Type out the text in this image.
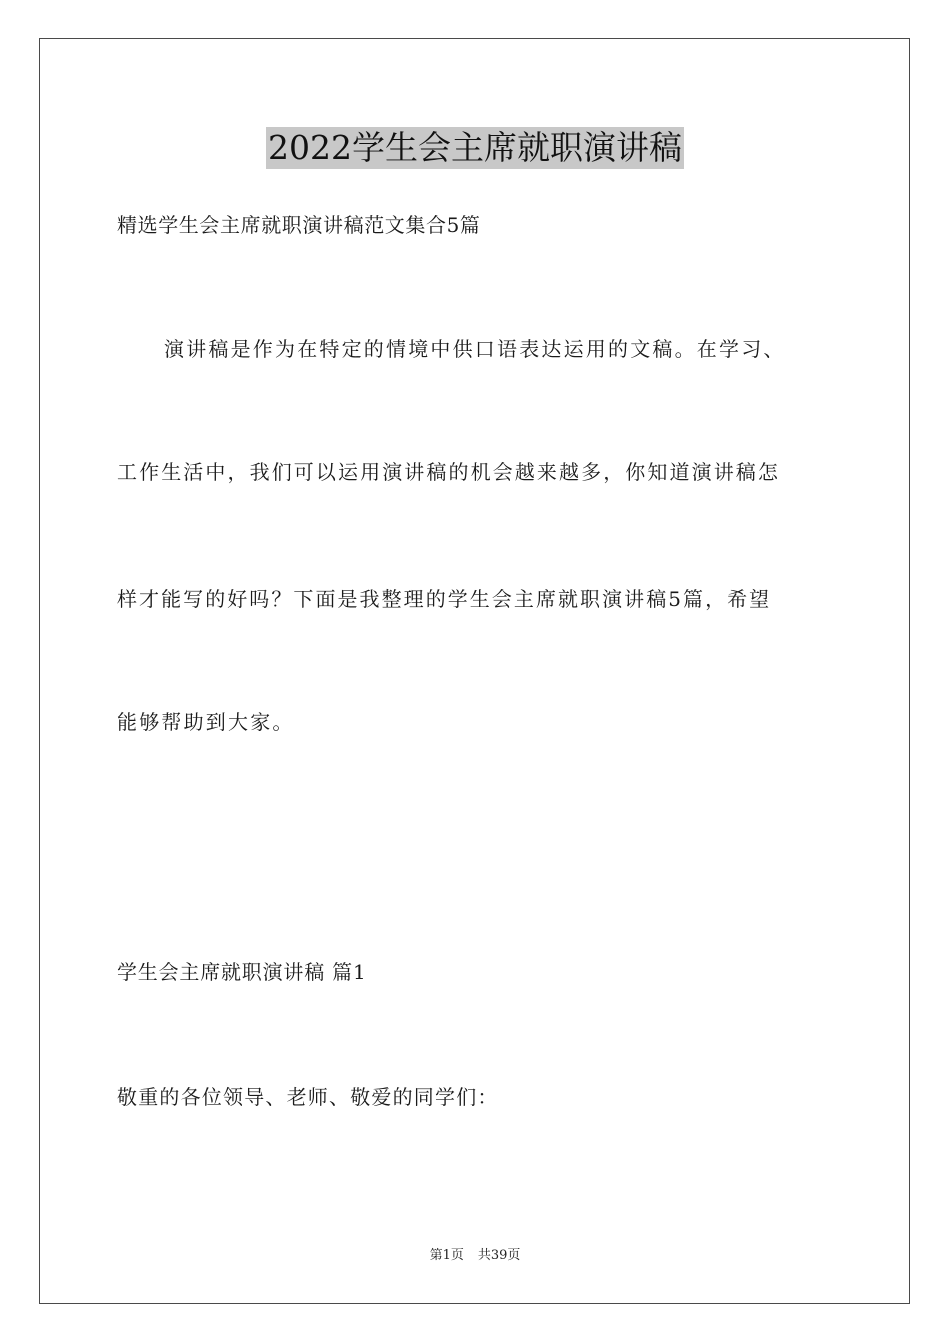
2022学生会主席就职演讲稿
精选学生会主席就职演讲稿范文集合5篇
演讲稿是作为在特定的情境中供口语表达运用的文稿。在学习、
工作生活中，我们可以运用演讲稿的机会越来越多，你知道演讲稿怎
样才能写的好吗？下面是我整理的学生会主席就职演讲稿5篇，希望
能够帮助到大家。
学生会主席就职演讲稿 篇1
敬重的各位领导、老师、敬爱的同学们：
第1页 共39页
